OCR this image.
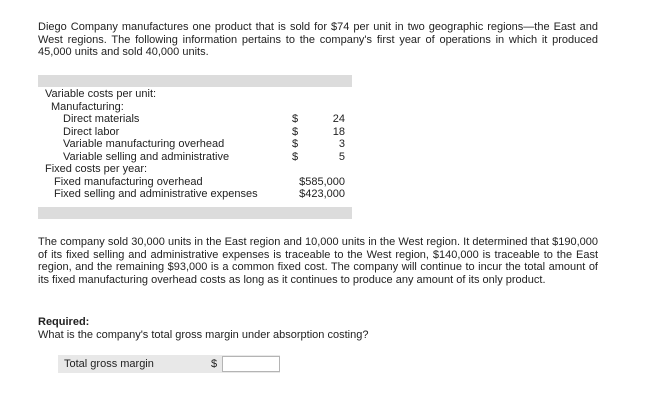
Diego Company manufactures one product that is sold for $74 per unit in two geographic regions—the East and West regions. The following information pertains to the company's first year of operations in which it produced 45,000 units and sold 40,000 units.

Variable costs per unit:
Manufacturing:
Direct materials	$	24
Direct labor	$	18
Variable manufacturing overhead	$	3
Variable selling and administrative	$	5
Fixed costs per year:
Fixed manufacturing overhead	$585,000
Fixed selling and administrative expenses	$423,000

The company sold 30,000 units in the East region and 10,000 units in the West region. It determined that $190,000 of its fixed selling and administrative expenses is traceable to the West region, $140,000 is traceable to the East region, and the remaining $93,000 is a common fixed cost. The company will continue to incur the total amount of its fixed manufacturing overhead costs as long as it continues to produce any amount of its only product.

Required:
What is the company's total gross margin under absorption costing?
Total gross margin	$
